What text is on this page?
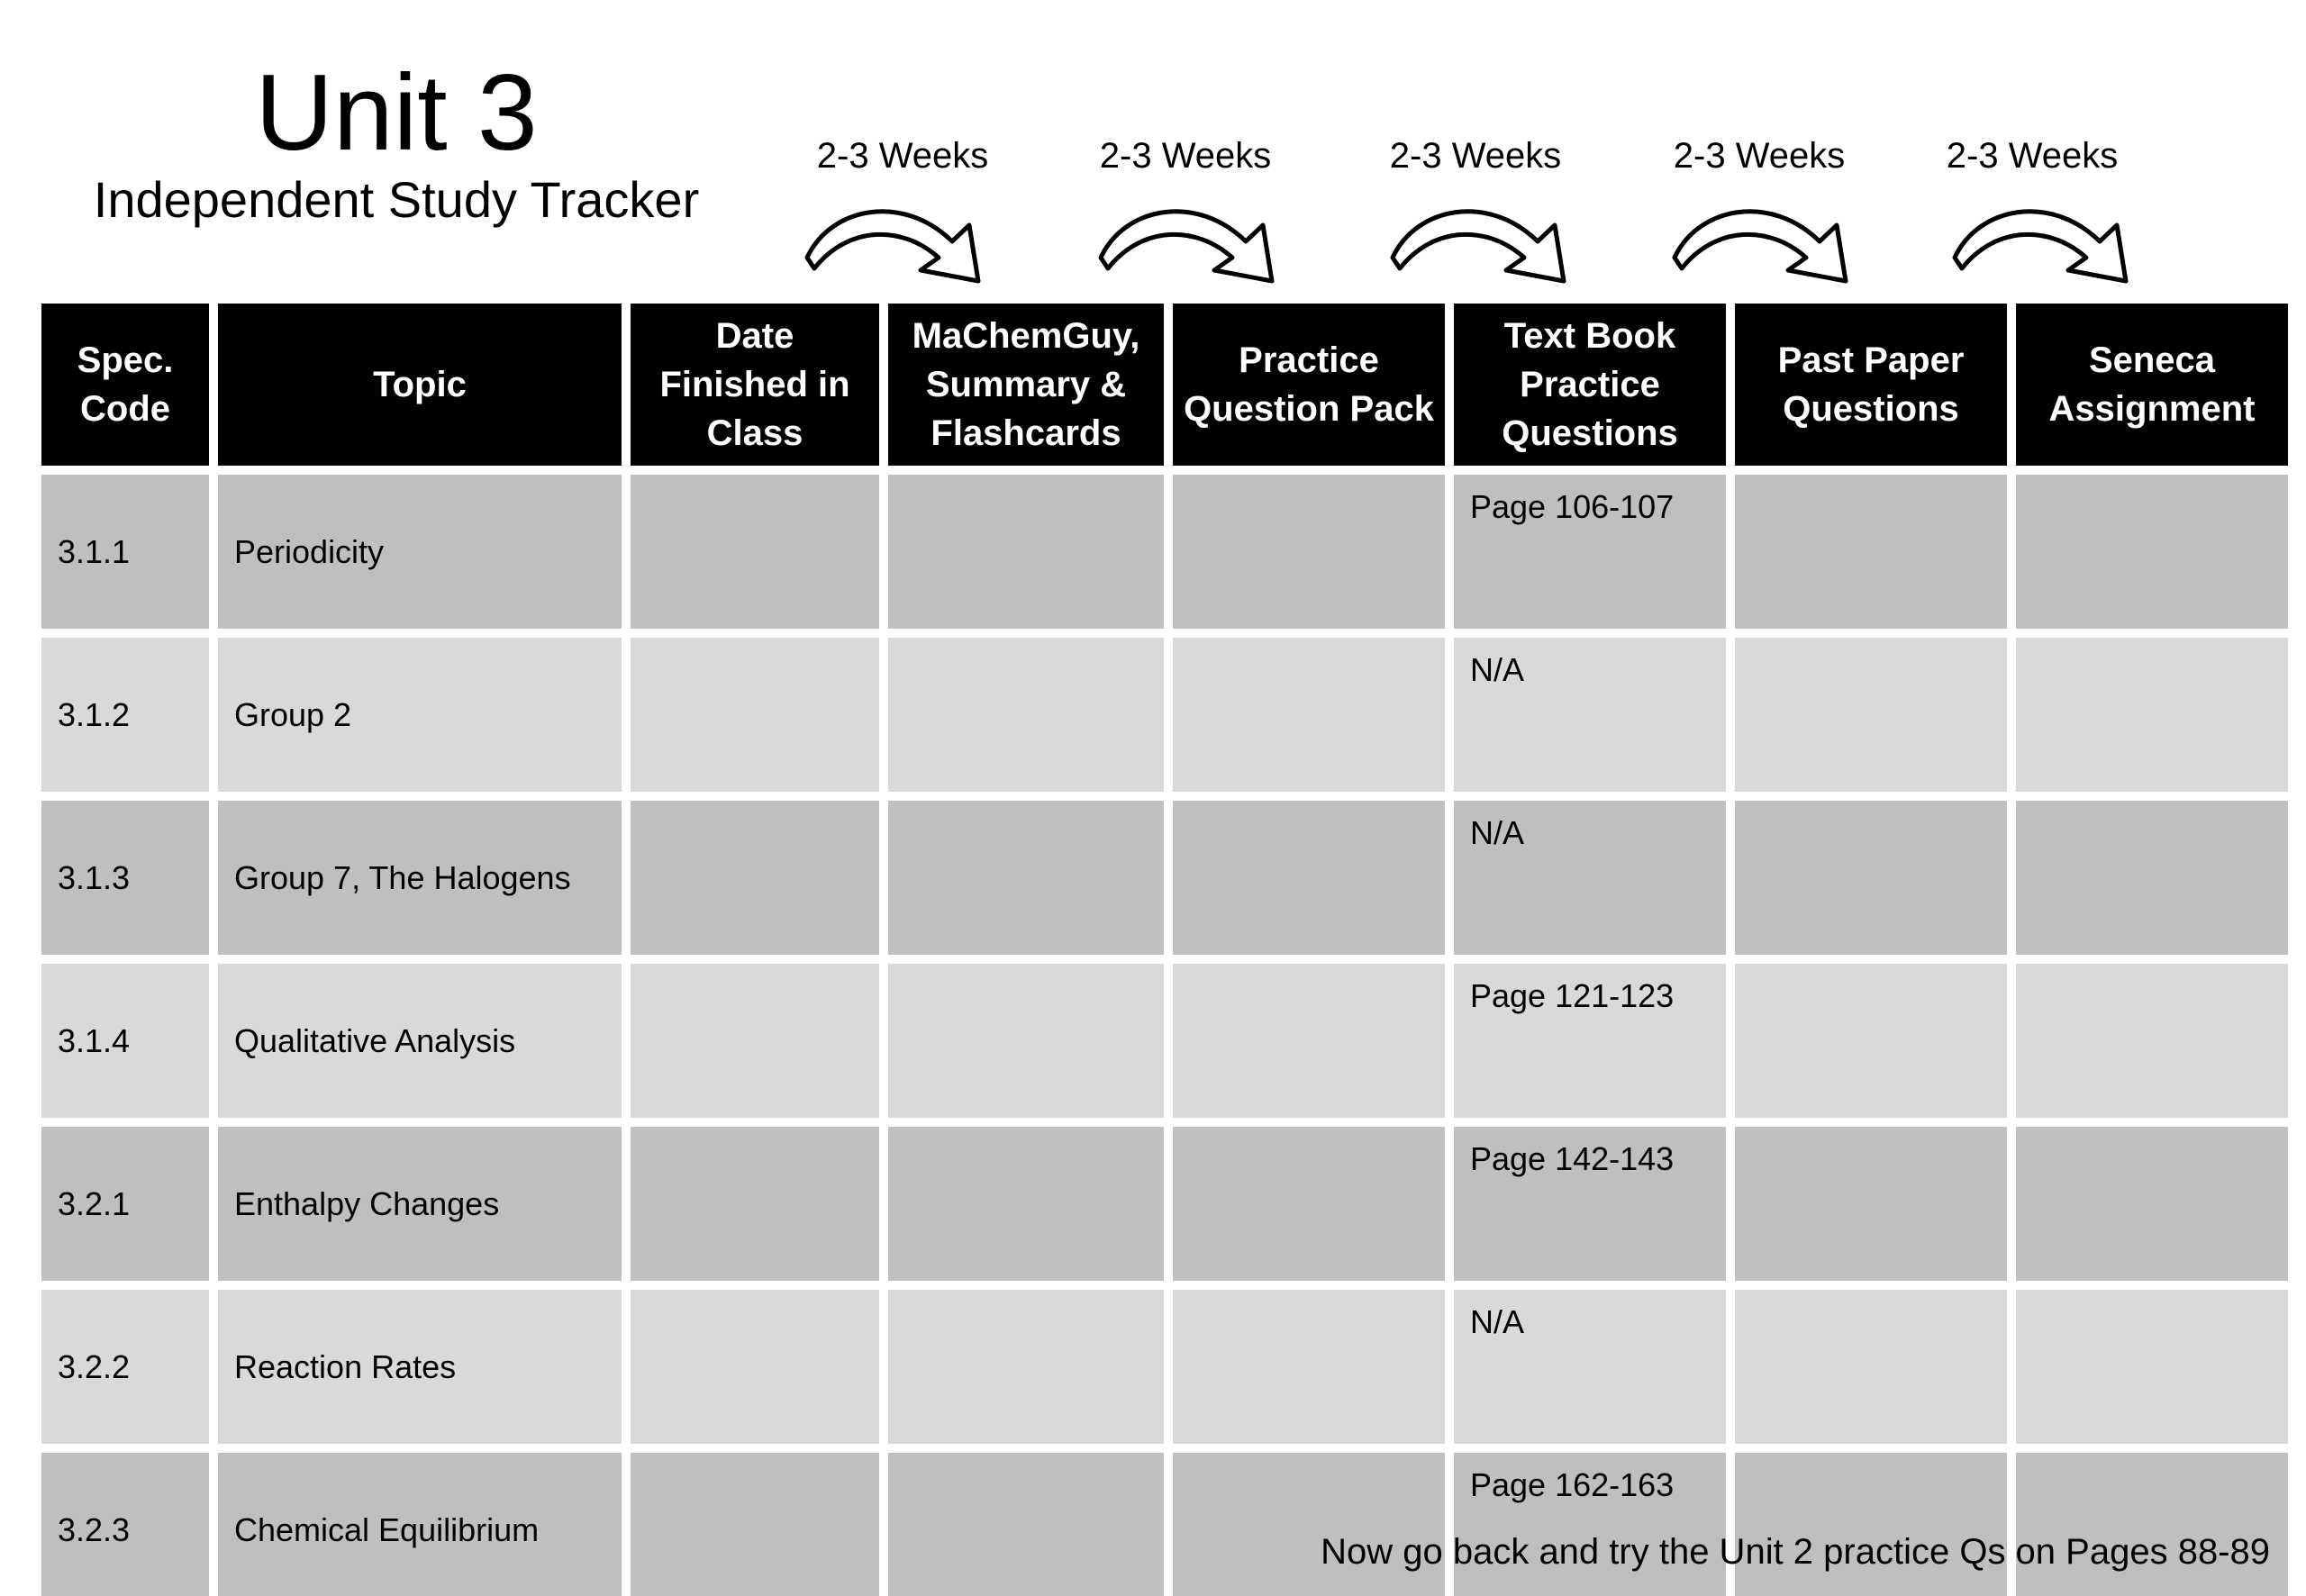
Unit 3
Independent Study Tracker
2-3 Weeks	2-3 Weeks	2-3 Weeks	2-3 Weeks	2-3 Weeks
Spec. Code	Topic	Date Finished in Class	MaChemGuy, Summary & Flashcards	Practice Question Pack	Text Book Practice Questions	Past Paper Questions	Seneca Assignment
3.1.1	Periodicity				Page 106-107		
3.1.2	Group 2				N/A		
3.1.3	Group 7, The Halogens				N/A		
3.1.4	Qualitative Analysis				Page 121-123		
3.2.1	Enthalpy Changes				Page 142-143		
3.2.2	Reaction Rates				N/A		
3.2.3	Chemical Equilibrium				Page 162-163		
Now go back and try the Unit 2 practice Qs on Pages 88-89
